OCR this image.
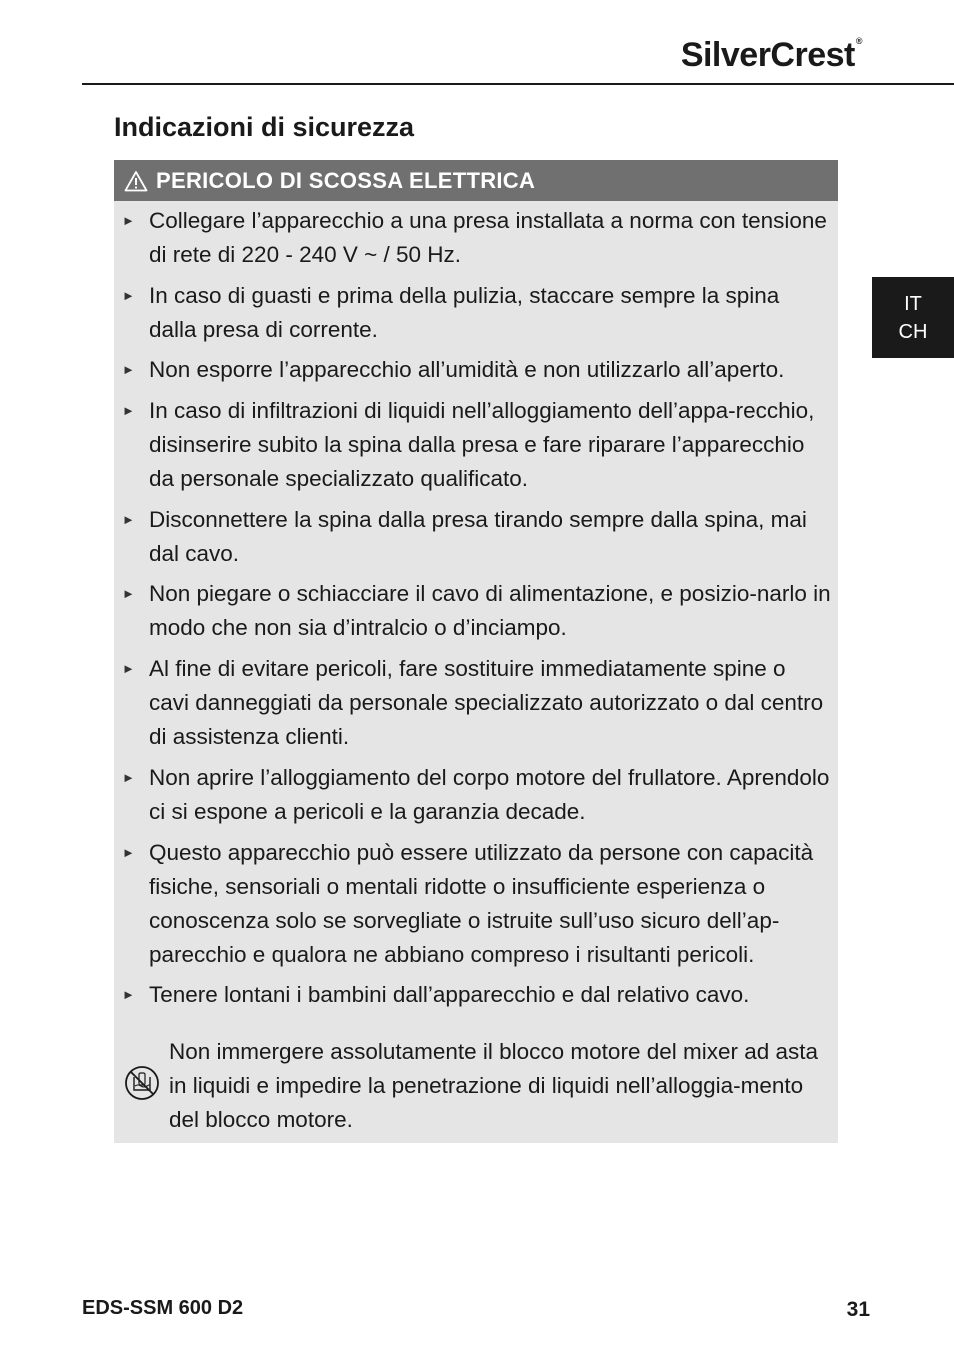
SilverCrest®
IT
CH
Indicazioni di sicurezza
PERICOLO DI SCOSSA ELETTRICA
► Collegare l’apparecchio a una presa installata a norma con tensione di rete di 220 - 240 V ~ / 50 Hz.
► In caso di guasti e prima della pulizia, staccare sempre la spina dalla presa di corrente.
► Non esporre l’apparecchio all’umidità e non utilizzarlo all’aperto.
► In caso di infiltrazioni di liquidi nell’alloggiamento dell’appa-recchio, disinserire subito la spina dalla presa e fare riparare l’apparecchio da personale specializzato qualificato.
► Disconnettere la spina dalla presa tirando sempre dalla spina, mai dal cavo.
► Non piegare o schiacciare il cavo di alimentazione, e posizio-narlo in modo che non sia d’intralcio o d’inciampo.
► Al fine di evitare pericoli, fare sostituire immediatamente spine o cavi danneggiati da personale specializzato autorizzato o dal centro di assistenza clienti.
► Non aprire l’alloggiamento del corpo motore del frullatore. Aprendolo ci si espone a pericoli e la garanzia decade.
► Questo apparecchio può essere utilizzato da persone con capacità fisiche, sensoriali o mentali ridotte o insufficiente esperienza o conoscenza solo se sorvegliate o istruite sull’uso sicuro dell’ap-parecchio e qualora ne abbiano compreso i risultanti pericoli.
► Tenere lontani i bambini dall’apparecchio e dal relativo cavo.
Non immergere assolutamente il blocco motore del mixer ad asta in liquidi e impedire la penetrazione di liquidi nell’alloggia-mento del blocco motore.
EDS-SSM 600 D2	31
